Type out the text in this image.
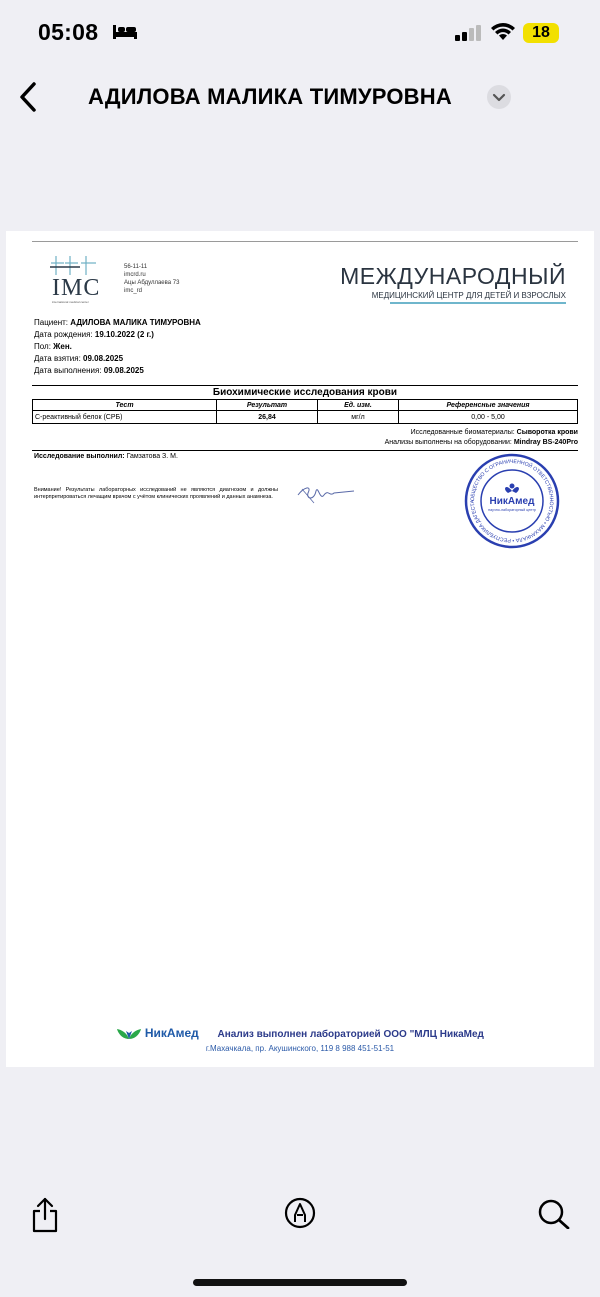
05:08	18
АДИЛОВА МАЛИКА ТИМУРОВНА
IMC
international medical center
56-11-11
imcrd.ru
Ацы Абдуллаева 73
imc_rd
МЕЖДУНАРОДНЫЙ
МЕДИЦИНСКИЙ ЦЕНТР ДЛЯ ДЕТЕЙ И ВЗРОСЛЫХ
Пациент: АДИЛОВА МАЛИКА ТИМУРОВНА
Дата рождения: 19.10.2022 (2 г.)
Пол: Жен.
Дата взятия: 09.08.2025
Дата выполнения: 09.08.2025
Биохимические исследования крови
Тест	Результат	Ед. изм.	Референсные значения
С-реактивный белок (СРБ)	26,84	мг/л	0,00 - 5,00
Исследованные биоматериалы: Сыворотка крови
Анализы выполнены на оборудовании: Mindray BS-240Pro
Исследование выполнил: Гамзатова З. М.
Внимание! Результаты лабораторных исследований не являются диагнозом и должны интерпретироваться лечащим врачом с учётом клинических проявлений и данных анамнеза.	ОБЩЕСТВО С ОГРАНИЧЕННОЙ ОТВЕТСТВЕННОСТЬЮ • МАХАЧКАЛА • РЕСПУБЛИКА ДАГЕСТА	НикАмед
научно-лабораторный центр
НикАмед Анализ выполнен лабораторией ООО "МЛЦ НикаМед
г.Махачкала, пр. Акушинского, 119 8 988 451-51-51
